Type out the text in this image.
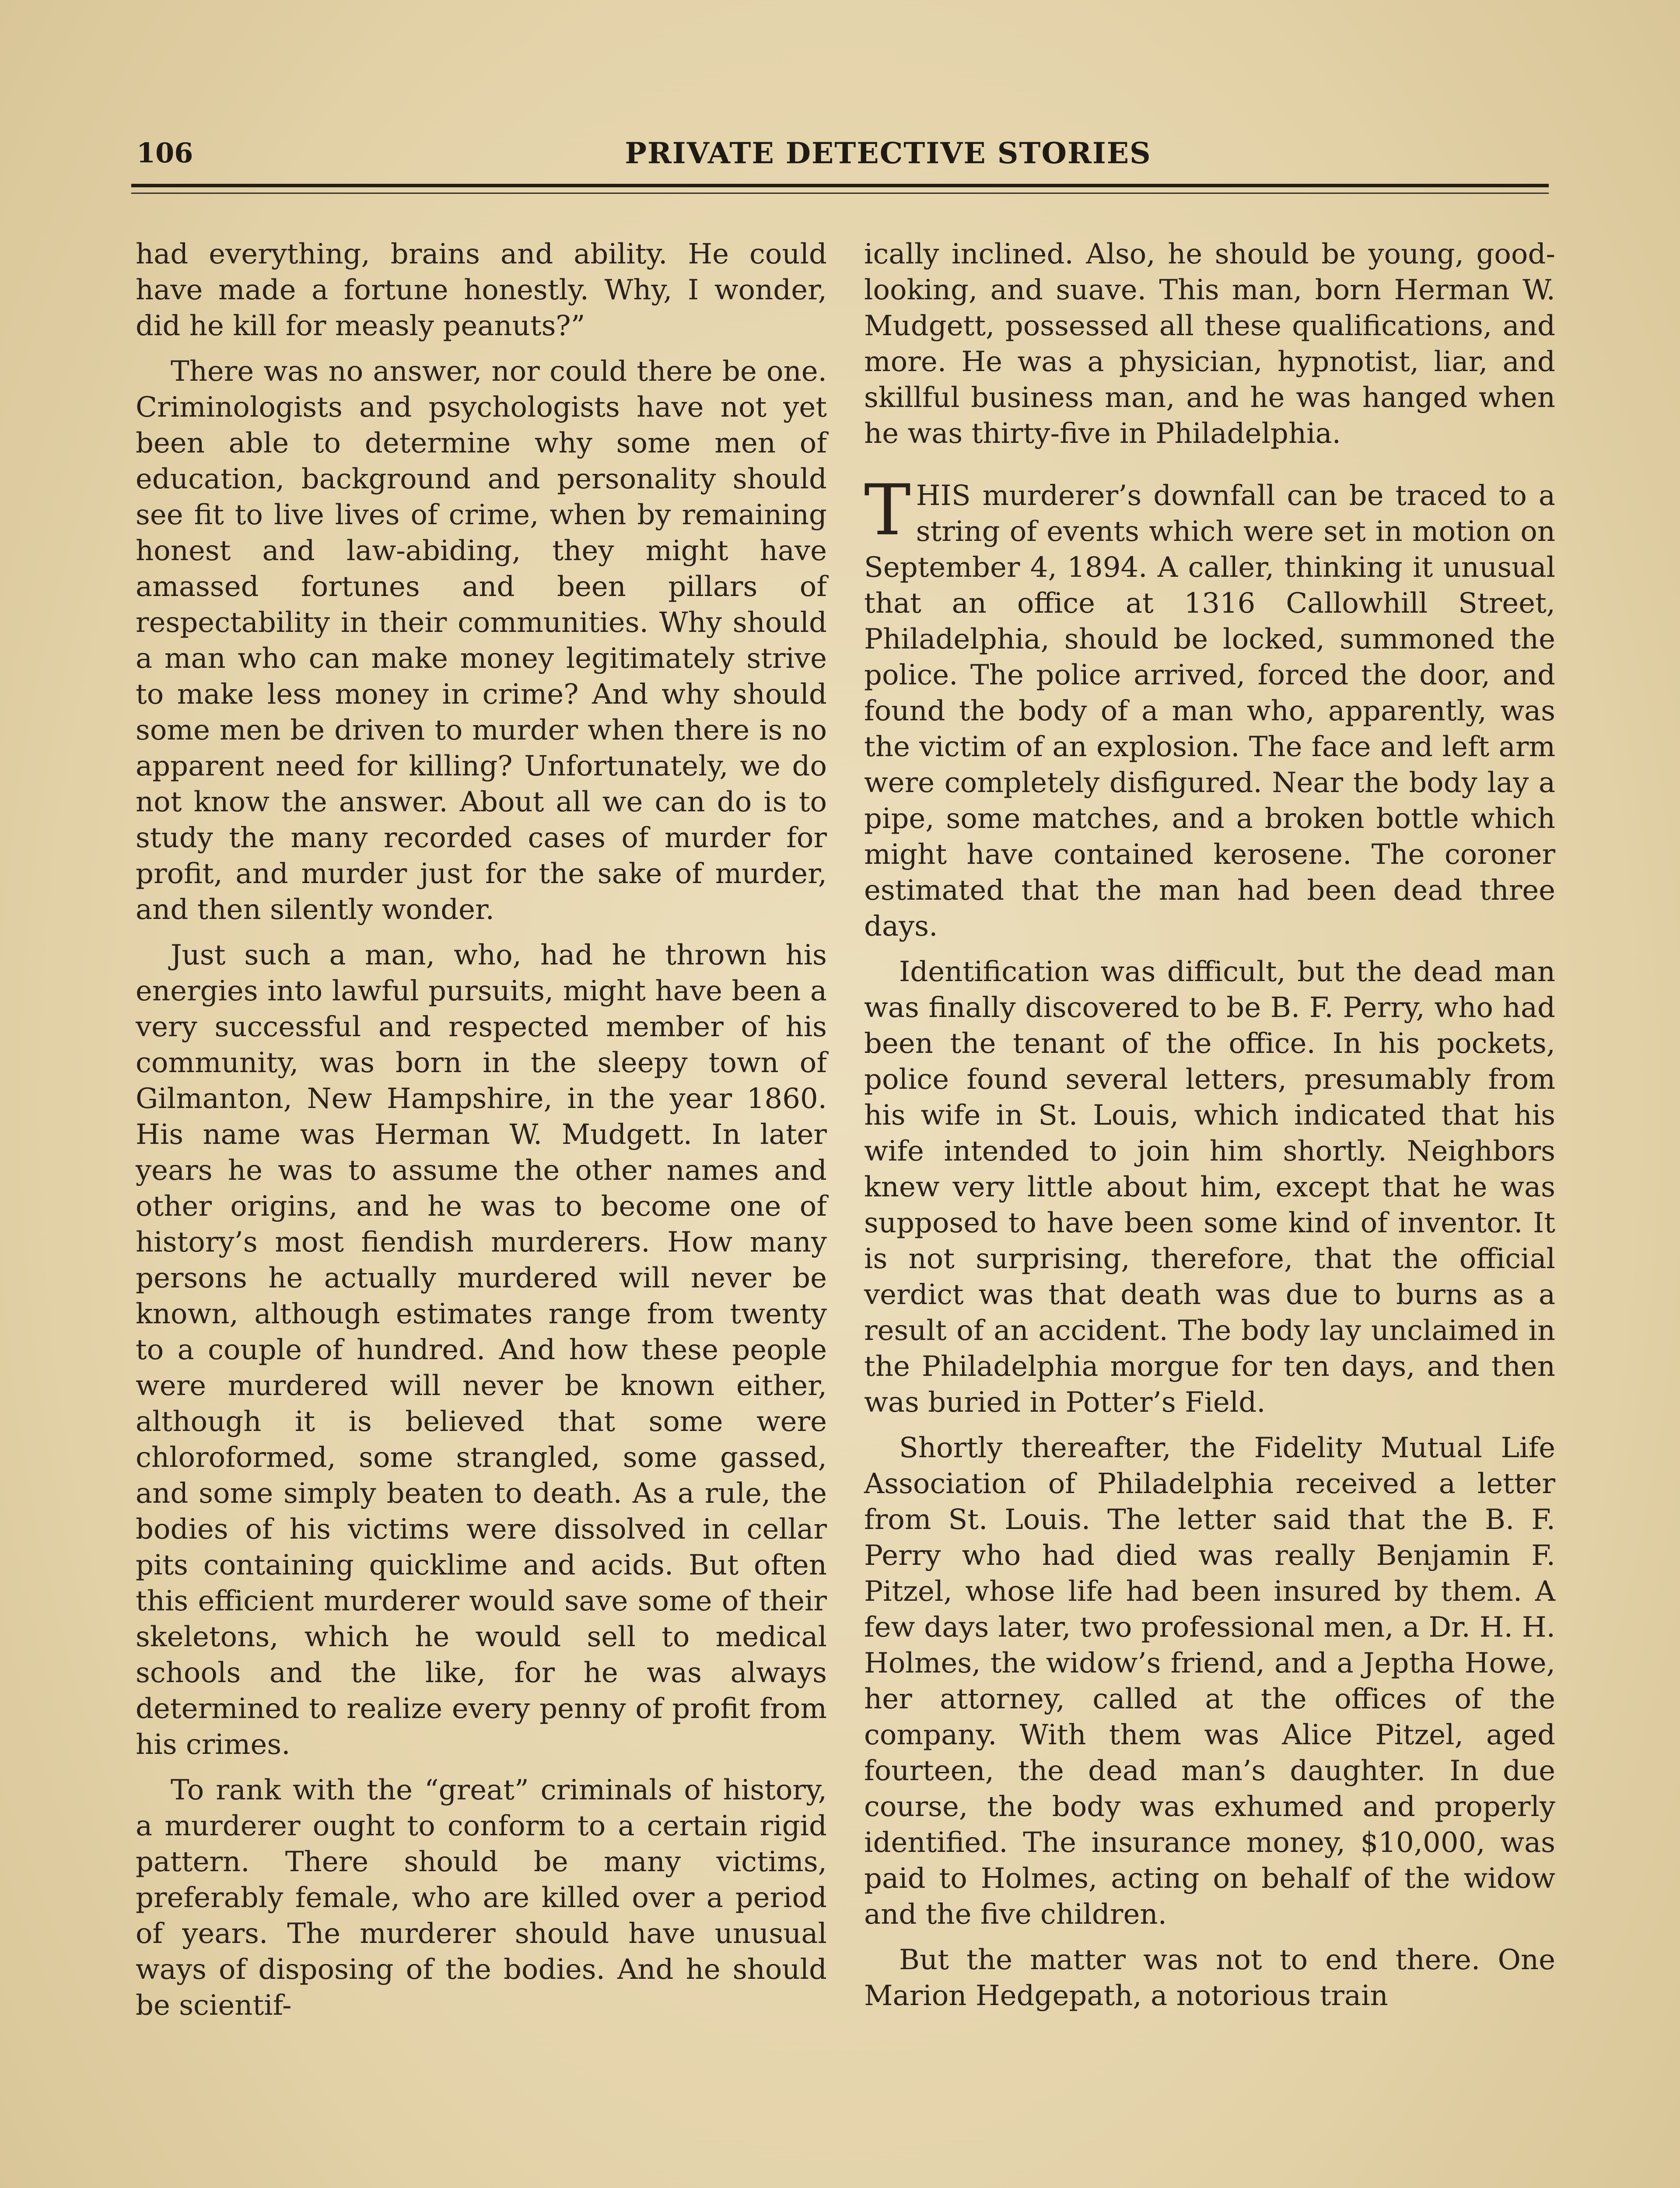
106	PRIVATE DETECTIVE STORIES

had everything, brains and ability. He could have made a fortune honestly. Why, I wonder, did he kill for measly peanuts?”

There was no answer, nor could there be one. Criminologists and psychologists have not yet been able to determine why some men of education, background and personality should see fit to live lives of crime, when by remaining honest and law-abiding, they might have amassed fortunes and been pillars of respectability in their communities. Why should a man who can make money legitimately strive to make less money in crime? And why should some men be driven to murder when there is no apparent need for killing? Unfortunately, we do not know the answer. About all we can do is to study the many recorded cases of murder for profit, and murder just for the sake of murder, and then silently wonder.

Just such a man, who, had he thrown his energies into lawful pursuits, might have been a very successful and respected member of his community, was born in the sleepy town of Gilmanton, New Hampshire, in the year 1860. His name was Herman W. Mudgett. In later years he was to assume the other names and other origins, and he was to become one of history’s most fiendish murderers. How many persons he actually murdered will never be known, although estimates range from twenty to a couple of hundred. And how these people were murdered will never be known either, although it is believed that some were chloroformed, some strangled, some gassed, and some simply beaten to death. As a rule, the bodies of his victims were dissolved in cellar pits containing quicklime and acids. But often this efficient murderer would save some of their skeletons, which he would sell to medical schools and the like, for he was always determined to realize every penny of profit from his crimes.

To rank with the “great” criminals of history, a murderer ought to conform to a certain rigid pattern. There should be many victims, preferably female, who are killed over a period of years. The murderer should have unusual ways of disposing of the bodies. And he should be scientif-

ically inclined. Also, he should be young, good-looking, and suave. This man, born Herman W. Mudgett, possessed all these qualifications, and more. He was a physician, hypnotist, liar, and skillful business man, and he was hanged when he was thirty-five in Philadelphia.

THIS murderer’s downfall can be traced to a string of events which were set in motion on September 4, 1894. A caller, thinking it unusual that an office at 1316 Callowhill Street, Philadelphia, should be locked, summoned the police. The police arrived, forced the door, and found the body of a man who, apparently, was the victim of an explosion. The face and left arm were completely disfigured. Near the body lay a pipe, some matches, and a broken bottle which might have contained kerosene. The coroner estimated that the man had been dead three days.

Identification was difficult, but the dead man was finally discovered to be B. F. Perry, who had been the tenant of the office. In his pockets, police found several letters, presumably from his wife in St. Louis, which indicated that his wife intended to join him shortly. Neighbors knew very little about him, except that he was supposed to have been some kind of inventor. It is not surprising, therefore, that the official verdict was that death was due to burns as a result of an accident. The body lay unclaimed in the Philadelphia morgue for ten days, and then was buried in Potter’s Field.

Shortly thereafter, the Fidelity Mutual Life Association of Philadelphia received a letter from St. Louis. The letter said that the B. F. Perry who had died was really Benjamin F. Pitzel, whose life had been insured by them. A few days later, two professional men, a Dr. H. H. Holmes, the widow’s friend, and a Jeptha Howe, her attorney, called at the offices of the company. With them was Alice Pitzel, aged fourteen, the dead man’s daughter. In due course, the body was exhumed and properly identified. The insurance money, $10,000, was paid to Holmes, acting on behalf of the widow and the five children.

But the matter was not to end there. One Marion Hedgepath, a notorious train
